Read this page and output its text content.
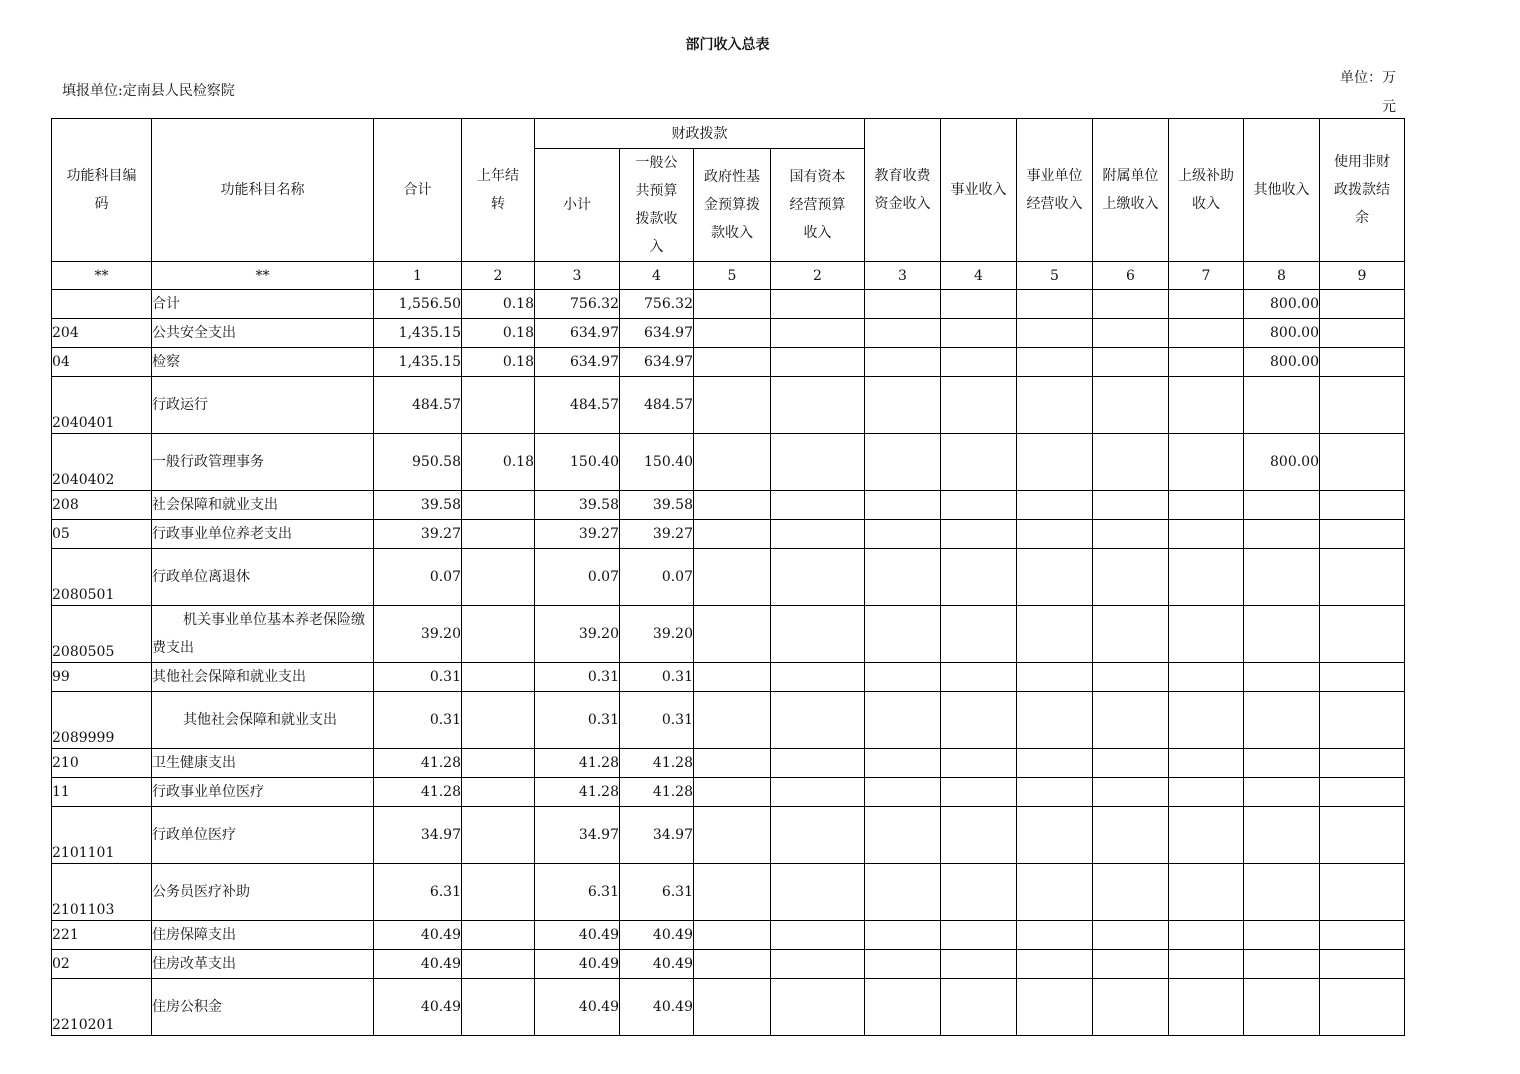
部门收入总表
填报单位:定南县人民检察院
单位：万
元
功能科目编码	功能科目名称	合计	上年结转	财政拨款				教育收费资金收入	事业收入	事业单位经营收入	附属单位上缴收入	上级补助收入	其他收入	使用非财政拨款结余
				小计	一般公共预算拨款收入	政府性基金预算拨款收入	国有资本经营预算收入							
**	**	1	2	3	4	5	2	3	4	5	6	7	8	9
	合计	1,556.50	0.18	756.32	756.32								800.00	
204	公共安全支出	1,435.15	0.18	634.97	634.97								800.00	
04	检察	1,435.15	0.18	634.97	634.97								800.00	
2040401	行政运行	484.57		484.57	484.57									
2040402	一般行政管理事务	950.58	0.18	150.40	150.40								800.00	
208	社会保障和就业支出	39.58		39.58	39.58									
05	行政事业单位养老支出	39.27		39.27	39.27									
2080501	行政单位离退休	0.07		0.07	0.07									
2080505	机关事业单位基本养老保险缴费支出	39.20		39.20	39.20									
99	其他社会保障和就业支出	0.31		0.31	0.31									
2089999	其他社会保障和就业支出	0.31		0.31	0.31									
210	卫生健康支出	41.28		41.28	41.28									
11	行政事业单位医疗	41.28		41.28	41.28									
2101101	行政单位医疗	34.97		34.97	34.97									
2101103	公务员医疗补助	6.31		6.31	6.31									
221	住房保障支出	40.49		40.49	40.49									
02	住房改革支出	40.49		40.49	40.49									
2210201	住房公积金	40.49		40.49	40.49									
